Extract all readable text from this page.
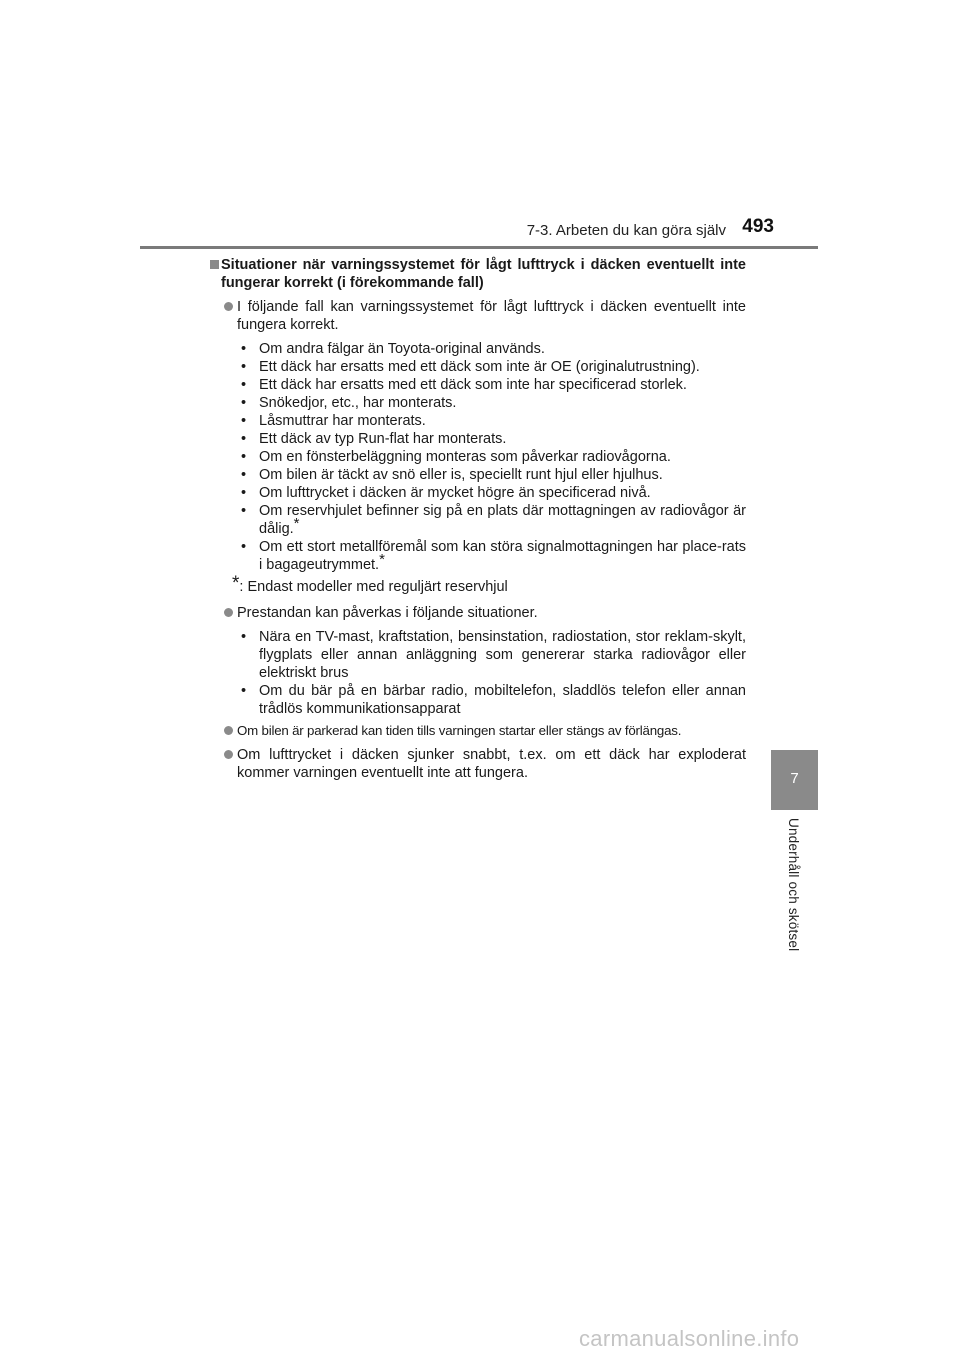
7-3. Arbeten du kan göra själv 493
7
Underhåll och skötsel
Situationer när varningssystemet för lågt lufttryck i däcken eventuellt inte fungerar korrekt (i förekommande fall)
I följande fall kan varningssystemet för lågt lufttryck i däcken eventuellt inte fungera korrekt.
• Om andra fälgar än Toyota-original används.
• Ett däck har ersatts med ett däck som inte är OE (originalutrustning).
• Ett däck har ersatts med ett däck som inte har specificerad storlek.
• Snökedjor, etc., har monterats.
• Låsmuttrar har monterats.
• Ett däck av typ Run-flat har monterats.
• Om en fönsterbeläggning monteras som påverkar radiovågorna.
• Om bilen är täckt av snö eller is, speciellt runt hjul eller hjulhus.
• Om lufttrycket i däcken är mycket högre än specificerad nivå.
• Om reservhjulet befinner sig på en plats där mottagningen av radiovågor är dålig.*
• Om ett stort metallföremål som kan störa signalmottagningen har place-rats i bagageutrymmet.*
*: Endast modeller med reguljärt reservhjul
Prestandan kan påverkas i följande situationer.
• Nära en TV-mast, kraftstation, bensinstation, radiostation, stor reklam-skylt, flygplats eller annan anläggning som genererar starka radiovågor eller elektriskt brus
• Om du bär på en bärbar radio, mobiltelefon, sladdlös telefon eller annan trådlös kommunikationsapparat
Om bilen är parkerad kan tiden tills varningen startar eller stängs av förlängas.
Om lufttrycket i däcken sjunker snabbt, t.ex. om ett däck har exploderat kommer varningen eventuellt inte att fungera.
carmanualsonline.info
